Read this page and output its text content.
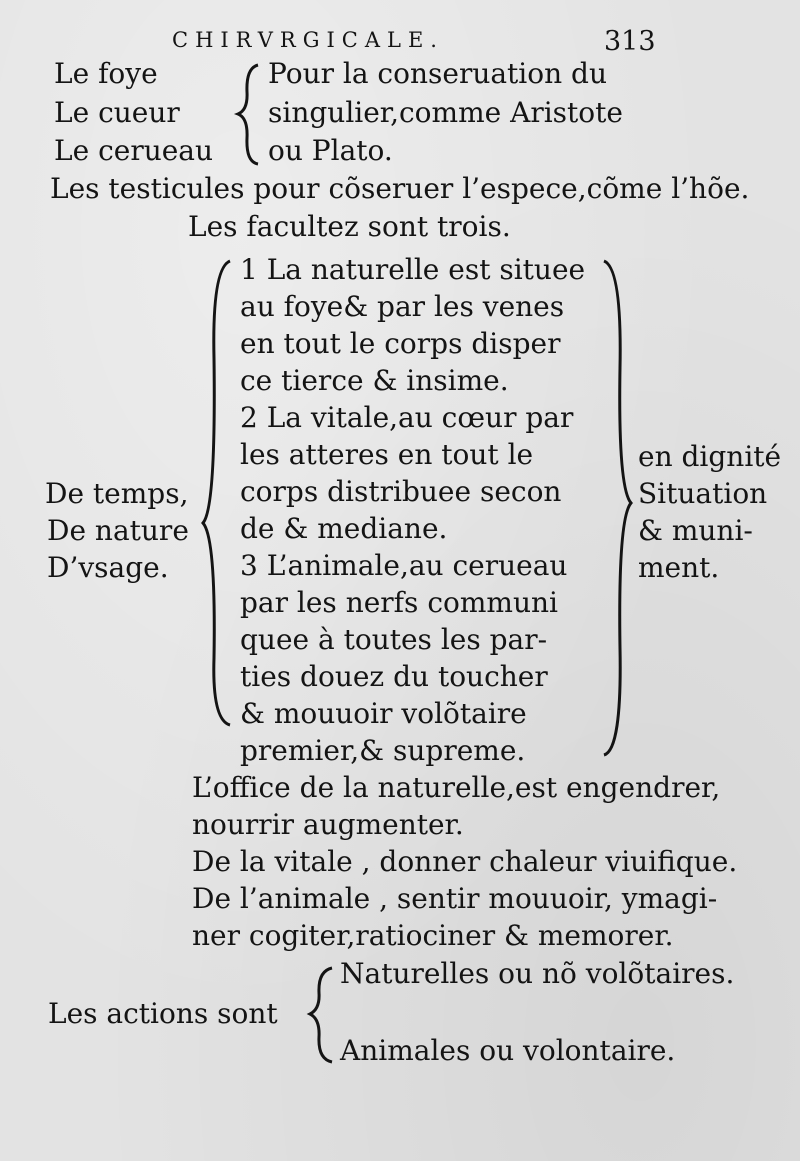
CHIRVRGICALE.	313
Le foye
Le cueur
Le cerueau
Pour la conseruation du
singulier,comme Aristote
ou Plato.
Les testicules pour cõseruer l’espece,cõme l’hõe.
Les facultez sont trois.
De temps,
De nature
D’vsage.
1 La naturelle est situee
au foye& par les venes
en tout le corps disper
ce tierce & insime.
2 La vitale,au cœur par
les atteres en tout le
corps distribuee secon
de & mediane.
3 L’animale,au cerueau
par les nerfs communi
quee à toutes les par-
ties douez du toucher
& mouuoir volõtaire
premier,& supreme.
en dignité
Situation
& muni-
ment.
L’office de la naturelle,est engendrer,
nourrir augmenter.
De la vitale , donner chaleur viuifique.
De l’animale , sentir mouuoir, ymagi-
ner cogiter,ratiociner & memorer.
Naturelles ou nõ volõtaires.
Les actions sont
Animales ou volontaire.
